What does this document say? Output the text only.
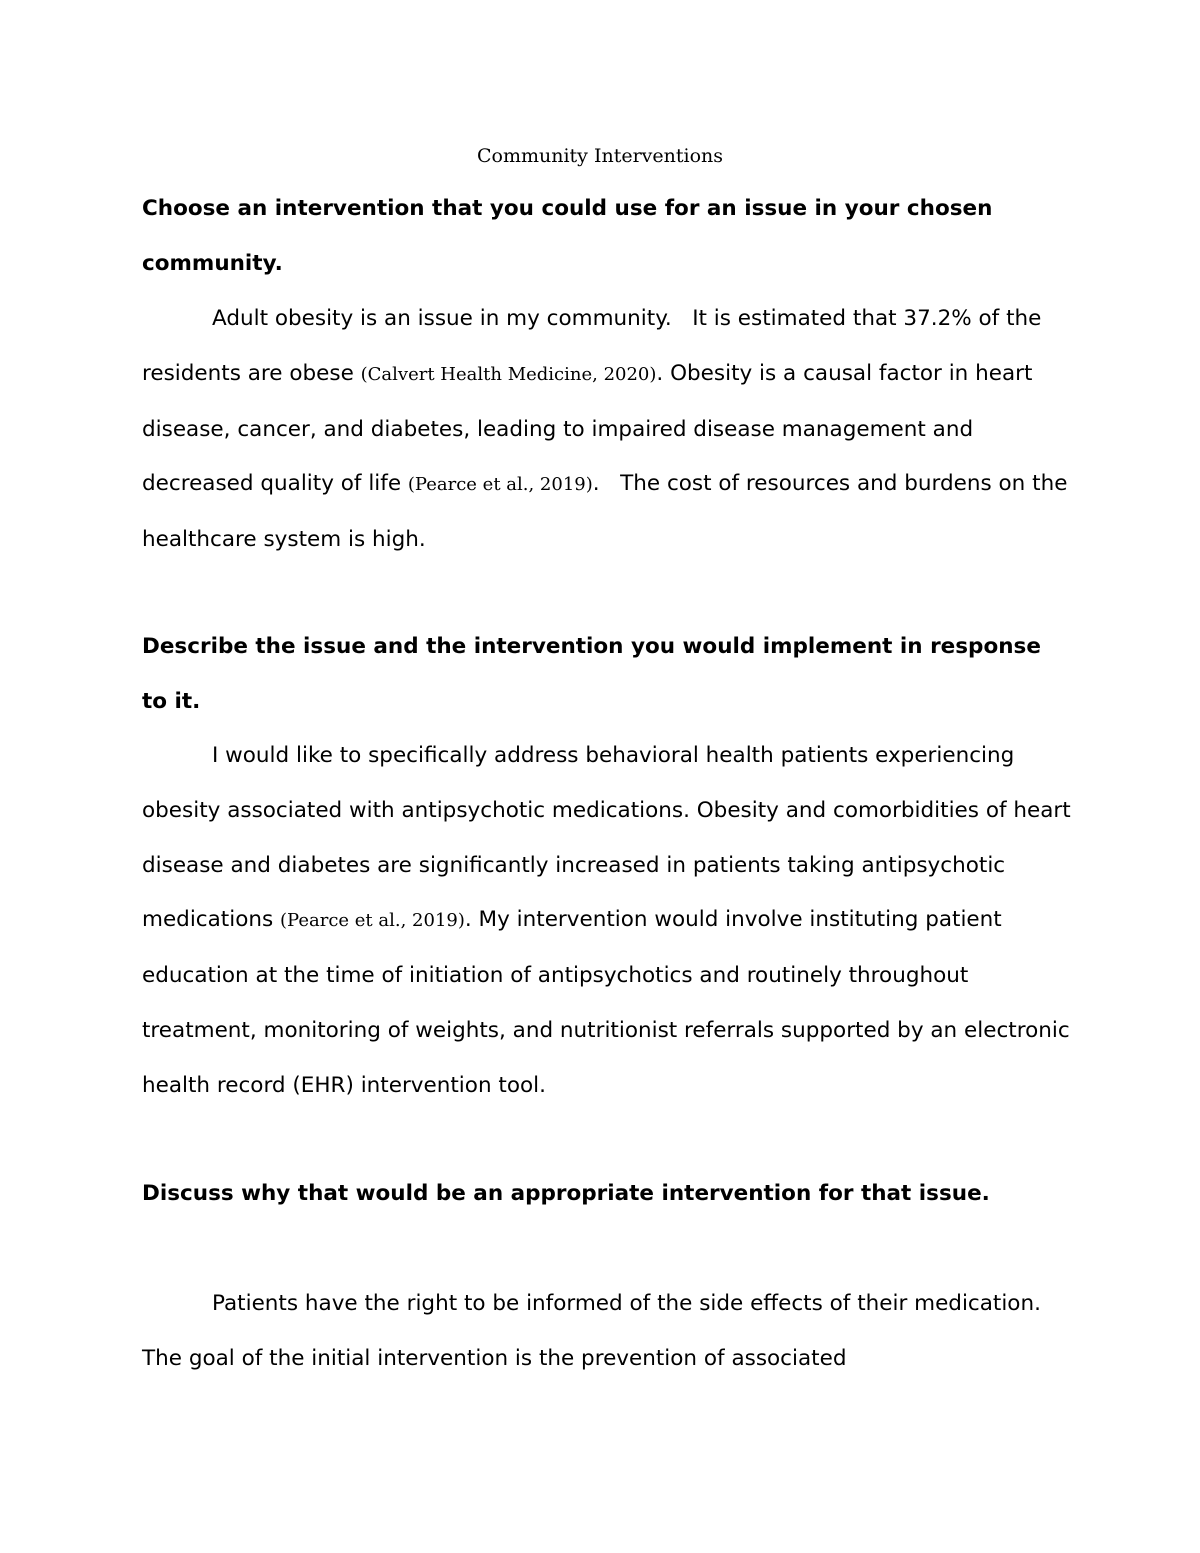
Community Interventions

Choose an intervention that you could use for an issue in your chosen community.

Adult obesity is an issue in my community.   It is estimated that 37.2% of the residents are obese (Calvert Health Medicine, 2020). Obesity is a causal factor in heart disease, cancer, and diabetes, leading to impaired disease management and decreased quality of life (Pearce et al., 2019).   The cost of resources and burdens on the healthcare system is high.

Describe the issue and the intervention you would implement in response to it.

I would like to specifically address behavioral health patients experiencing obesity associated with antipsychotic medications. Obesity and comorbidities of heart disease and diabetes are significantly increased in patients taking antipsychotic medications (Pearce et al., 2019). My intervention would involve instituting patient education at the time of initiation of antipsychotics and routinely throughout treatment, monitoring of weights, and nutritionist referrals supported by an electronic health record (EHR) intervention tool.

Discuss why that would be an appropriate intervention for that issue.

Patients have the right to be informed of the side effects of their medication. The goal of the initial intervention is the prevention of associated
